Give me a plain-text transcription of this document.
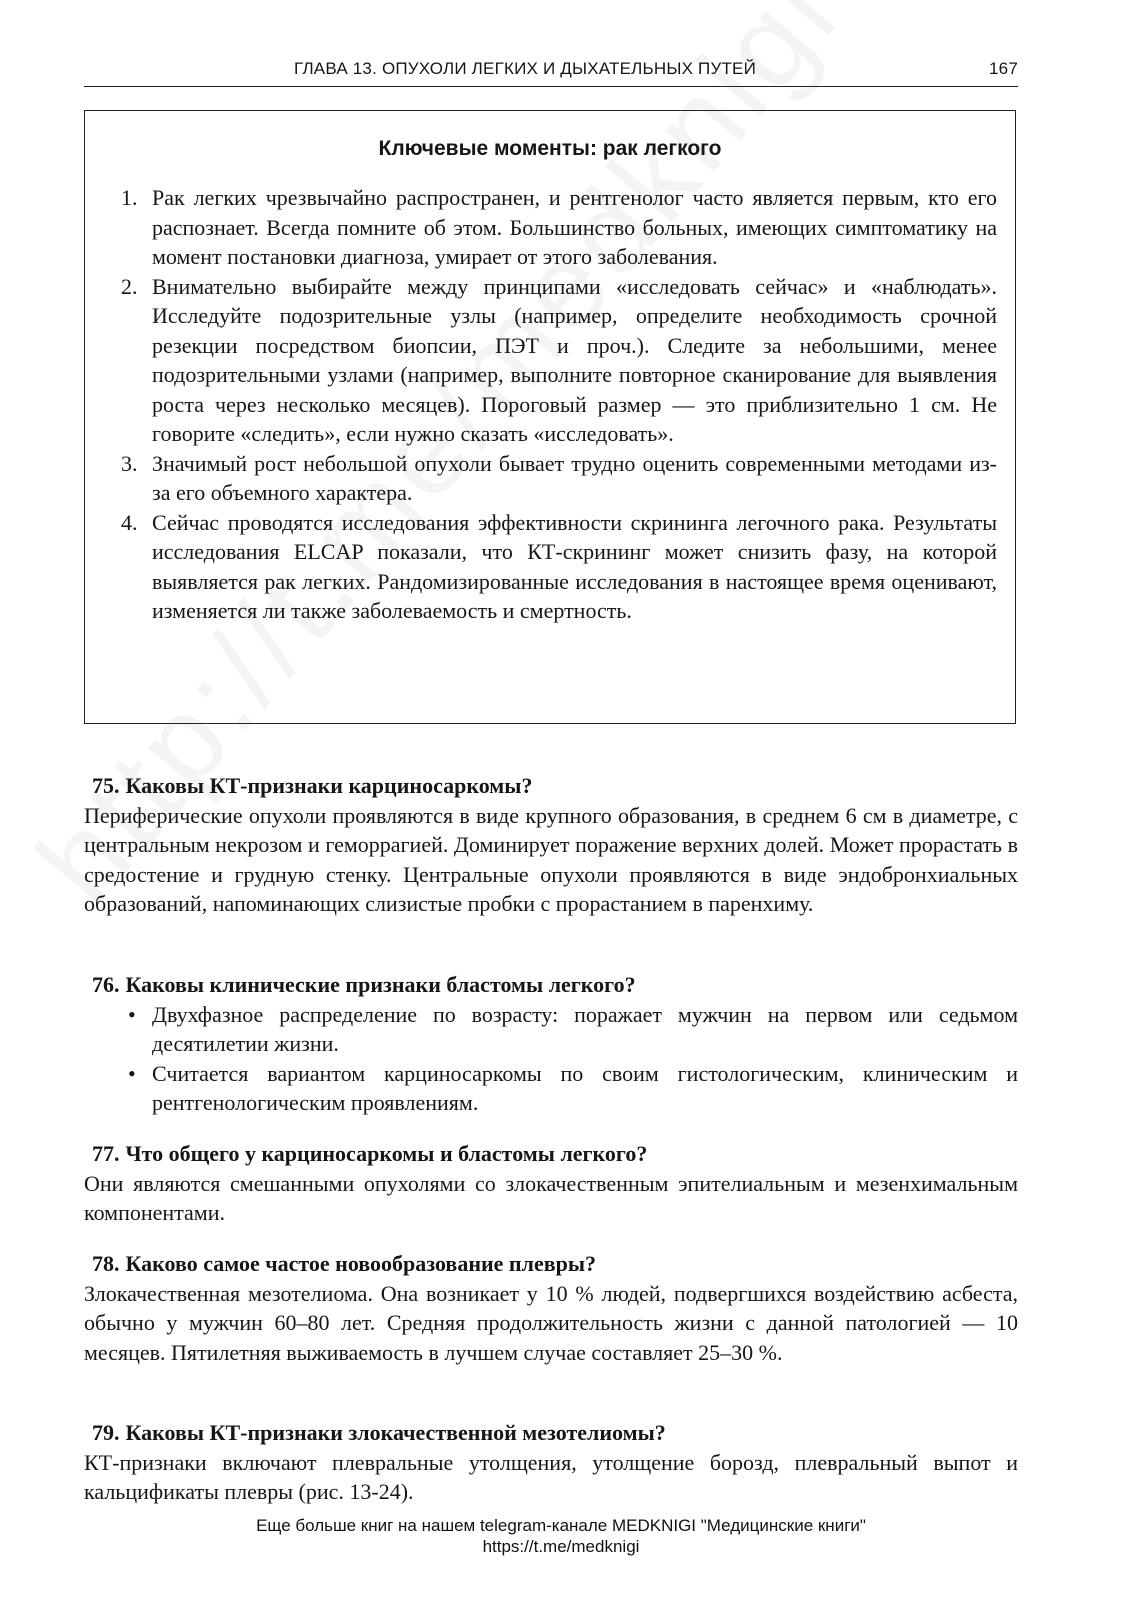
ГЛАВА 13. ОПУХОЛИ ЛЕГКИХ И ДЫХАТЕЛЬНЫХ ПУТЕЙ	167
Ключевые моменты: рак легкого
1. Рак легких чрезвычайно распространен, и рентгенолог часто является первым, кто его распознает. Всегда помните об этом. Большинство больных, имеющих симптоматику на момент постановки диагноза, умирает от этого заболевания.
2. Внимательно выбирайте между принципами «исследовать сейчас» и «наблюдать». Исследуйте подозрительные узлы (например, определите необходимость срочной резекции посредством биопсии, ПЭТ и проч.). Следите за небольшими, менее подозрительными узлами (например, выполните повторное сканирование для выявления роста через несколько месяцев). Пороговый размер — это приблизительно 1 см. Не говорите «следить», если нужно сказать «исследовать».
3. Значимый рост небольшой опухоли бывает трудно оценить современными методами из-за его объемного характера.
4. Сейчас проводятся исследования эффективности скрининга легочного рака. Результаты исследования ELCAP показали, что КТ-скрининг может снизить фазу, на которой выявляется рак легких. Рандомизированные исследования в настоящее время оценивают, изменяется ли также заболеваемость и смертность.
75. Каковы КТ-признаки карциносаркомы?
Периферические опухоли проявляются в виде крупного образования, в среднем 6 см в диаметре, с центральным некрозом и геморрагией. Доминирует поражение верхних долей. Может прорастать в средостение и грудную стенку. Центральные опухоли проявляются в виде эндобронхиальных образований, напоминающих слизистые пробки с прорастанием в паренхиму.
76. Каковы клинические признаки бластомы легкого?
• Двухфазное распределение по возрасту: поражает мужчин на первом или седьмом десятилетии жизни.
• Считается вариантом карциносаркомы по своим гистологическим, клиническим и рентгенологическим проявлениям.
77. Что общего у карциносаркомы и бластомы легкого?
Они являются смешанными опухолями со злокачественным эпителиальным и мезенхимальным компонентами.
78. Каково самое частое новообразование плевры?
Злокачественная мезотелиома. Она возникает у 10 % людей, подвергшихся воздействию асбеста, обычно у мужчин 60–80 лет. Средняя продолжительность жизни с данной патологией — 10 месяцев. Пятилетняя выживаемость в лучшем случае составляет 25–30 %.
79. Каковы КТ-признаки злокачественной мезотелиомы?
КТ-признаки включают плевральные утолщения, утолщение борозд, плевральный выпот и кальцификаты плевры (рис. 13-24).
Еще больше книг на нашем telegram-канале MEDKNIGI "Медицинские книги"
https://t.me/medknigi
